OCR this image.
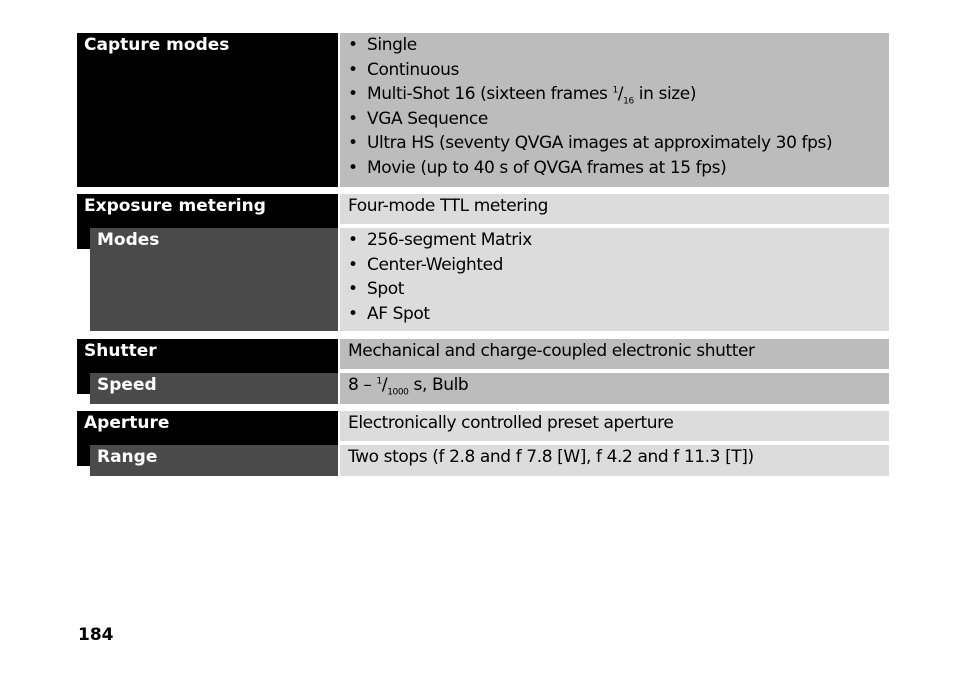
Capture modes	• Single
• Continuous
• Multi-Shot 16 (sixteen frames $^1/_{16}$ in size)
• VGA Sequence
• Ultra HS (seventy QVGA images at approximately 30 fps)
• Movie (up to 40 s of QVGA frames at 15 fps)
Exposure metering	Four-mode TTL metering
Modes	• 256-segment Matrix
• Center-Weighted
• Spot
• AF Spot
Shutter	Mechanical and charge-coupled electronic shutter
Speed	$8 - ^1/_{1000}$ s, Bulb
Aperture	Electronically controlled preset aperture
Range	Two stops (f 2.8 and f 7.8 [W], f 4.2 and f 11.3 [T])
184
